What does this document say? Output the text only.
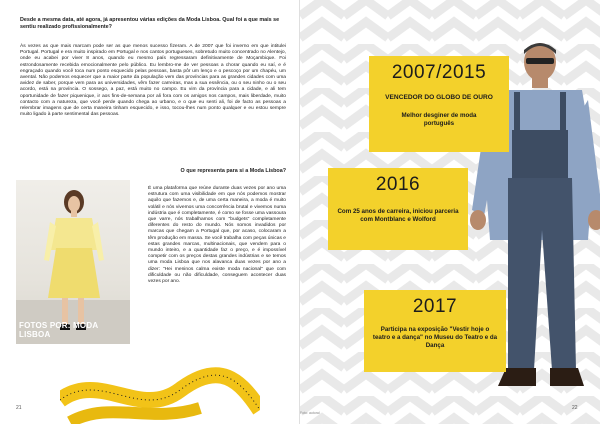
Desde a mesma data, até agora, já apresentou várias edições da Moda Lisboa. Qual foi a que mais se sentiu realizado profissionalmente?

Às vezes as que mais marcam pode ser as que menos sucesso fizeram. A de 2007 que foi inverno em que intitulei Portugal. Portugal e era muito inspirado em Portugal e nos cantos portugueses, sobretudo muito concentrado no Alentejo, onde eu acabei por viver 8 anos, quando eu mesmo país regressaram definitivamente de Moçambique. Foi estrondosamente recebida emocionalmente pelo público. Eu lembro-me de ver pessoas a chorar quando eu saí, e é engraçado quando você toca num ponto esquecido pelas pessoas, basta pôr um lenço e o pescoço por um chapéu, um avental. Não podemos esquecer que a maior parte da população vem das províncias para as grandes cidades com uma avidez de saber, porque vem para as universidades, vêm fazer carreiras, mas a sua essência, ou o seu ninho ou o seu acordo, está na província. O sossego, a paz, está muito no campo. Eu vim da província para a cidade, e ali tem oportunidade de fazer piquenique, ir aos fins-de-semana por ali fora com os amigos nos campos, mais liberdade, muito contacto com a natureza, que você perde quando chega ao urbano, e o que eu senti ali, foi de facto as pessoas a relembrar imagens que de certa maneira tinham esquecido, e isso, tocou-lhes num ponto qualquer e eu estou sempre muito ligado à parte sentimental das pessoas.

O que representa para si a Moda Lisboa?
FOTOS POR: MODA LISBOA

É uma plataforma que reúne durante duas vezes por ano uma estrutura com uma visibilidade em que nós podemos mostrar aquilo que fazemos e, de uma certa maneira, a moda é muito volátil e nós vivemos uma concorrência brutal e vivemos numa indústria que é completamente, é como se fosse uma vassoura que varre, nós trabalhamos com "budgets" completamente diferentes do resto do mundo. Nós somos invadidos por marcas que chegam a Portugal que, por acaso, colocaram a têm produção em massa. Se você trabalha com peças únicas e estas grandes marcas, multinacionais, que vendem para o mundo inteiro, e a quantidade faz o preço, e é impossível competir com os preços destas grandes indústrias e se temos uma moda Lisboa que nos alavanca duas vezes por ano a dizer: "Hei meninos calma existe moda nacional" que com dificuldade ou não dificuldade, conseguem acontecer duas vezes por ano.

21
2007/2015
VENCEDOR DO GLOBO DE OURO
Melhor desginer de moda português
2016
Com 25 anos de carreira, iniciou parceria com Montblanc e Wolford
2017
Participa na exposição "Vestir hoje o teatro e a dança" no Museu do Teatro e da Dança
22
Foto: autoral
